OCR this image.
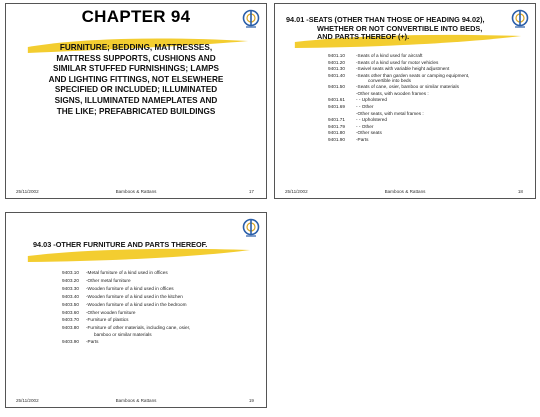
CHAPTER 94
FURNITURE; BEDDING, MATTRESSES,
MATTRESS SUPPORTS, CUSHIONS AND
SIMILAR STUFFED FURNISHINGS; LAMPS
AND LIGHTING FITTINGS, NOT ELSEWHERE
SPECIFIED OR INCLUDED; ILLUMINATED
SIGNS, ILLUMINATED NAMEPLATES AND
THE LIKE; PREFABRICATED BUILDINGS
25/11/2002	Bamboos & Rattans	17
94.01 -SEATS (OTHER THAN THOSE OF HEADING 94.02),
WHETHER OR NOT CONVERTIBLE INTO BEDS,
AND PARTS THEREOF (+).
9401.10	-Seats of a kind used for aircraft
9401.20	-Seats of a kind used for motor vehicles
9401.30	-Swivel seats with variable height adjustment
9401.40	-Seats other than garden seats or camping equipment,
convertible into beds
9401.50	-Seats of cane, osier, bamboo or similar materials
-Other seats, with wooden frames :
9401.61	- - Upholstered
9401.69	- - Other
-Other seats, with metal frames :
9401.71	- - Upholstered
9401.79	- - Other
9401.80	-Other seats
9401.90	-Parts
25/11/2002	Bamboos & Rattans	18
94.03 -OTHER FURNITURE AND PARTS THEREOF.
9403.10	-Metal furniture of a kind used in offices
9403.20	-Other metal furniture
9403.30	-Wooden furniture of a kind used in offices
9403.40	-Wooden furniture of a kind used in the kitchen
9403.50	-Wooden furniture of a kind used in the bedroom
9403.60	-Other wooden furniture
9403.70	-Furniture of plastics
9403.80	-Furniture of other materials, including cane, osier,
bamboo or similar materials
9403.90	-Parts
25/11/2002	Bamboos & Rattans	19
